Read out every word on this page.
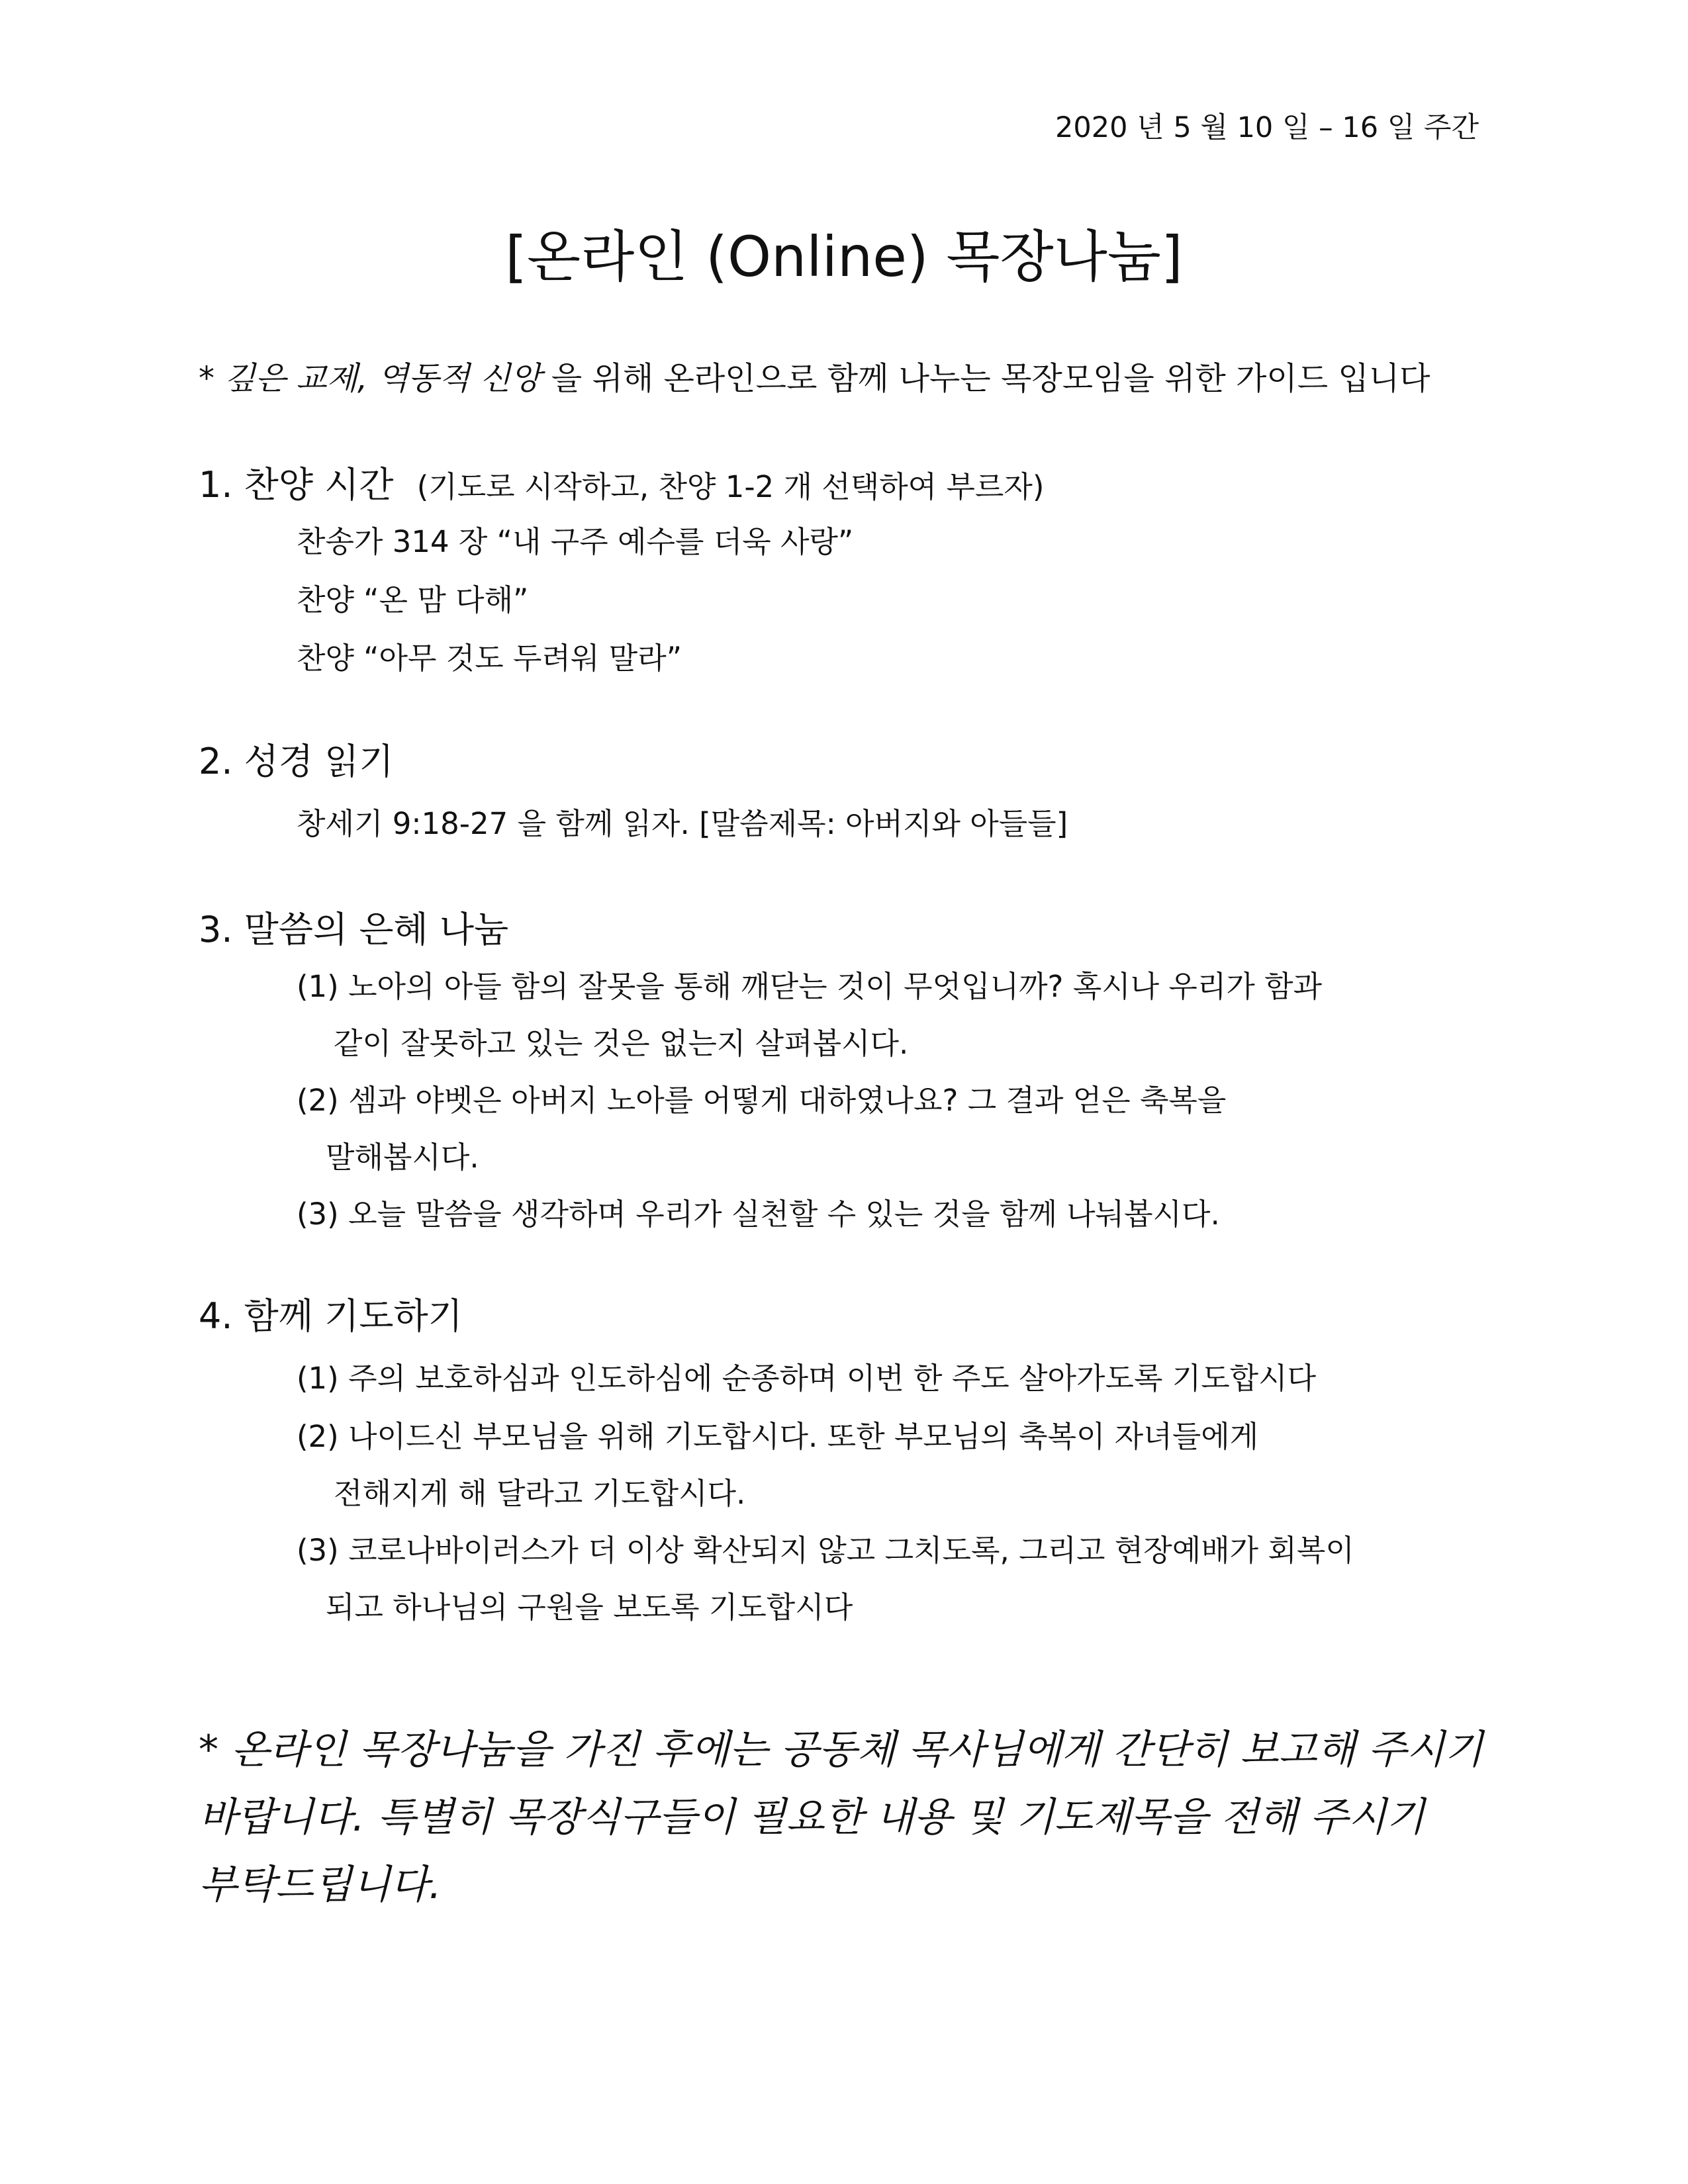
2020 년 5 월 10 일 – 16 일 주간
[온라인 (Online) 목장나눔]
* 깊은 교제, 역동적 신앙 을 위해 온라인으로 함께 나누는 목장모임을 위한 가이드 입니다
1. 찬양 시간 (기도로 시작하고, 찬양 1-2 개 선택하여 부르자)
찬송가 314 장 “내 구주 예수를 더욱 사랑”
찬양 “온 맘 다해”
찬양 “아무 것도 두려워 말라”
2. 성경 읽기
창세기 9:18-27 을 함께 읽자. [말씀제목: 아버지와 아들들]
3. 말씀의 은혜 나눔
(1) 노아의 아들 함의 잘못을 통해 깨닫는 것이 무엇입니까? 혹시나 우리가 함과
같이 잘못하고 있는 것은 없는지 살펴봅시다.
(2) 셈과 야벳은 아버지 노아를 어떻게 대하였나요? 그 결과 얻은 축복을
말해봅시다.
(3) 오늘 말씀을 생각하며 우리가 실천할 수 있는 것을 함께 나눠봅시다.
4. 함께 기도하기
(1) 주의 보호하심과 인도하심에 순종하며 이번 한 주도 살아가도록 기도합시다
(2) 나이드신 부모님을 위해 기도합시다. 또한 부모님의 축복이 자녀들에게
전해지게 해 달라고 기도합시다.
(3) 코로나바이러스가 더 이상 확산되지 않고 그치도록, 그리고 현장예배가 회복이
되고 하나님의 구원을 보도록 기도합시다
* 온라인 목장나눔을 가진 후에는 공동체 목사님에게 간단히 보고해 주시기
바랍니다. 특별히 목장식구들이 필요한 내용 및 기도제목을 전해 주시기
부탁드립니다.
